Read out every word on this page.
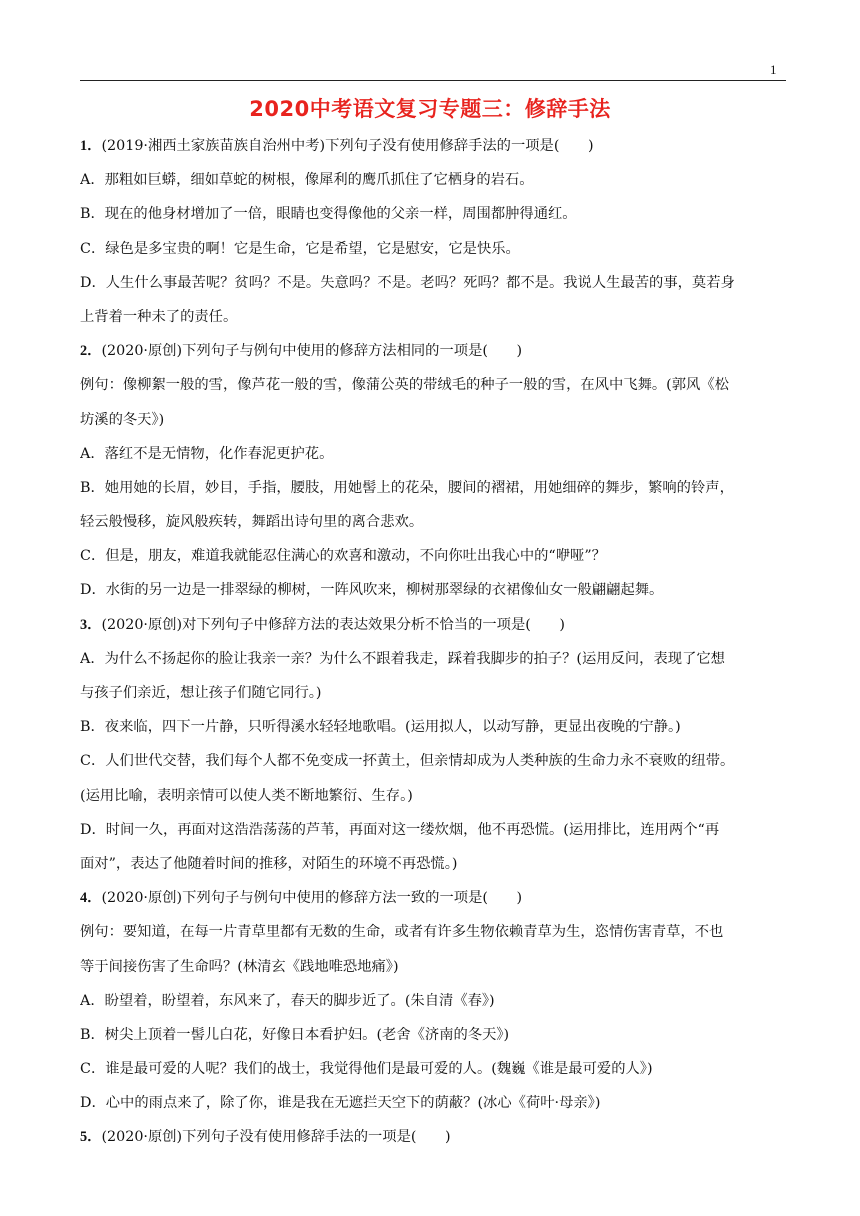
1
2020中考语文复习专题三：修辞手法
1．(2019·湘西土家族苗族自治州中考)下列句子没有使用修辞手法的一项是(　　)
A．那粗如巨蟒，细如草蛇的树根，像犀利的鹰爪抓住了它栖身的岩石。
B．现在的他身材增加了一倍，眼睛也变得像他的父亲一样，周围都肿得通红。
C．绿色是多宝贵的啊！它是生命，它是希望，它是慰安，它是快乐。
D．人生什么事最苦呢？贫吗？不是。失意吗？不是。老吗？死吗？都不是。我说人生最苦的事，莫若身
上背着一种未了的责任。
2．(2020·原创)下列句子与例句中使用的修辞方法相同的一项是(　　)
例句：像柳絮一般的雪，像芦花一般的雪，像蒲公英的带绒毛的种子一般的雪，在风中飞舞。(郭风《松
坊溪的冬天》)
A．落红不是无情物，化作春泥更护花。
B．她用她的长眉，妙目，手指，腰肢，用她髻上的花朵，腰间的褶裙，用她细碎的舞步，繁响的铃声，
轻云般慢移，旋风般疾转，舞蹈出诗句里的离合悲欢。
C．但是，朋友，难道我就能忍住满心的欢喜和激动，不向你吐出我心中的“咿哑”？
D．水街的另一边是一排翠绿的柳树，一阵风吹来，柳树那翠绿的衣裙像仙女一般翩翩起舞。
3．(2020·原创)对下列句子中修辞方法的表达效果分析不恰当的一项是(　　)
A．为什么不扬起你的脸让我亲一亲？为什么不跟着我走，踩着我脚步的拍子？(运用反问，表现了它想
与孩子们亲近，想让孩子们随它同行。)
B．夜来临，四下一片静，只听得溪水轻轻地歌唱。(运用拟人，以动写静，更显出夜晚的宁静。)
C．人们世代交替，我们每个人都不免变成一抔黄土，但亲情却成为人类种族的生命力永不衰败的纽带。
(运用比喻，表明亲情可以使人类不断地繁衍、生存。)
D．时间一久，再面对这浩浩荡荡的芦苇，再面对这一缕炊烟，他不再恐慌。(运用排比，连用两个“再
面对”，表达了他随着时间的推移，对陌生的环境不再恐慌。)
4．(2020·原创)下列句子与例句中使用的修辞方法一致的一项是(　　)
例句：要知道，在每一片青草里都有无数的生命，或者有许多生物依赖青草为生，恣情伤害青草，不也
等于间接伤害了生命吗？(林清玄《践地唯恐地痛》)
A．盼望着，盼望着，东风来了，春天的脚步近了。(朱自清《春》)
B．树尖上顶着一髻儿白花，好像日本看护妇。(老舍《济南的冬天》)
C．谁是最可爱的人呢？我们的战士，我觉得他们是最可爱的人。(魏巍《谁是最可爱的人》)
D．心中的雨点来了，除了你，谁是我在无遮拦天空下的荫蔽？(冰心《荷叶·母亲》)
5．(2020·原创)下列句子没有使用修辞手法的一项是(　　)
